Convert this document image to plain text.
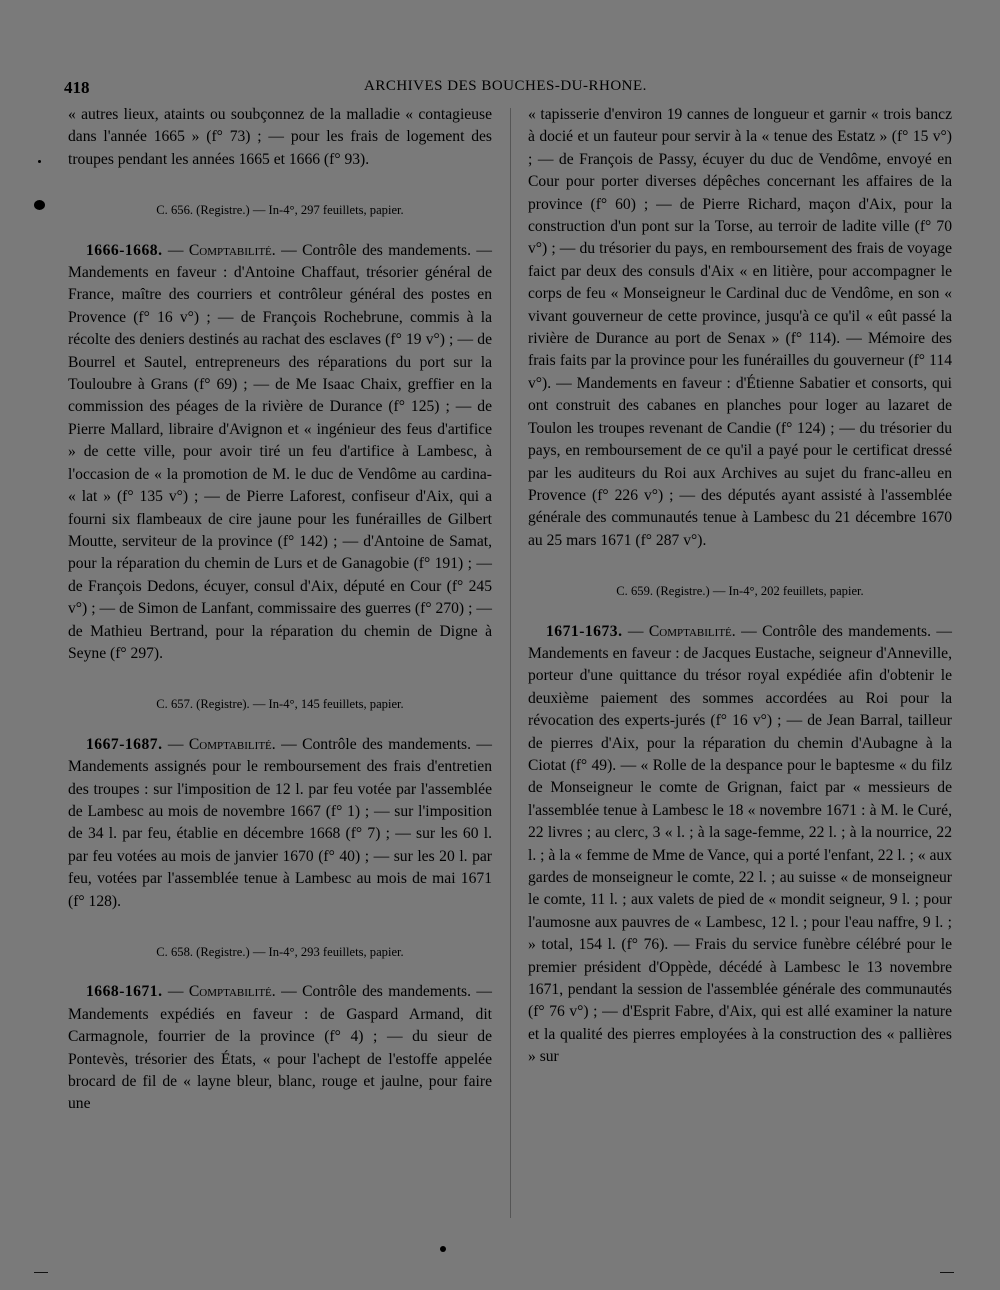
418	ARCHIVES DES BOUCHES-DU-RHONE.

« autres lieux, ataints ou soubçonnez de la malladie « contagieuse dans l'année 1665 » (f° 73) ; — pour les frais de logement des troupes pendant les années 1665 et 1666 (f° 93).

C. 656. (Registre.) — In-4°, 297 feuillets, papier.

1666-1668. — Comptabilité. — Contrôle des mandements. — Mandements en faveur : d'Antoine Chaffaut, trésorier général de France, maître des courriers et contrôleur général des postes en Provence (f° 16 v°) ; — de François Rochebrune, commis à la récolte des deniers destinés au rachat des esclaves (f° 19 v°) ; — de Bourrel et Sautel, entrepreneurs des réparations du port sur la Touloubre à Grans (f° 69) ; — de Me Isaac Chaix, greffier en la commission des péages de la rivière de Durance (f° 125) ; — de Pierre Mallard, libraire d'Avignon et « ingénieur des feus d'artifice » de cette ville, pour avoir tiré un feu d'artifice à Lambesc, à l'occasion de « la promotion de M. le duc de Vendôme au cardina- « lat » (f° 135 v°) ; — de Pierre Laforest, confiseur d'Aix, qui a fourni six flambeaux de cire jaune pour les funérailles de Gilbert Moutte, serviteur de la province (f° 142) ; — d'Antoine de Samat, pour la réparation du chemin de Lurs et de Ganagobie (f° 191) ; — de François Dedons, écuyer, consul d'Aix, député en Cour (f° 245 v°) ; — de Simon de Lanfant, commissaire des guerres (f° 270) ; — de Mathieu Bertrand, pour la réparation du chemin de Digne à Seyne (f° 297).

C. 657. (Registre). — In-4°, 145 feuillets, papier.

1667-1687. — Comptabilité. — Contrôle des mandements. — Mandements assignés pour le remboursement des frais d'entretien des troupes : sur l'imposition de 12 l. par feu votée par l'assemblée de Lambesc au mois de novembre 1667 (f° 1) ; — sur l'imposition de 34 l. par feu, établie en décembre 1668 (f° 7) ; — sur les 60 l. par feu votées au mois de janvier 1670 (f° 40) ; — sur les 20 l. par feu, votées par l'assemblée tenue à Lambesc au mois de mai 1671 (f° 128).

C. 658. (Registre.) — In-4°, 293 feuillets, papier.

1668-1671. — Comptabilité. — Contrôle des mandements. — Mandements expédiés en faveur : de Gaspard Armand, dit Carmagnole, fourrier de la province (f° 4) ; — du sieur de Pontevès, trésorier des États, « pour l'achept de l'estoffe appelée brocard de fil de « layne bleur, blanc, rouge et jaulne, pour faire une

« tapisserie d'environ 19 cannes de longueur et garnir « trois bancz à docié et un fauteur pour servir à la « tenue des Estatz » (f° 15 v°) ; — de François de Passy, écuyer du duc de Vendôme, envoyé en Cour pour porter diverses dépêches concernant les affaires de la province (f° 60) ; — de Pierre Richard, maçon d'Aix, pour la construction d'un pont sur la Torse, au terroir de ladite ville (f° 70 v°) ; — du trésorier du pays, en remboursement des frais de voyage faict par deux des consuls d'Aix « en litière, pour accompagner le corps de feu « Monseigneur le Cardinal duc de Vendôme, en son « vivant gouverneur de cette province, jusqu'à ce qu'il « eût passé la rivière de Durance au port de Senax » (f° 114). — Mémoire des frais faits par la province pour les funérailles du gouverneur (f° 114 v°). — Mandements en faveur : d'Étienne Sabatier et consorts, qui ont construit des cabanes en planches pour loger au lazaret de Toulon les troupes revenant de Candie (f° 124) ; — du trésorier du pays, en remboursement de ce qu'il a payé pour le certificat dressé par les auditeurs du Roi aux Archives au sujet du franc-alleu en Provence (f° 226 v°) ; — des députés ayant assisté à l'assemblée générale des communautés tenue à Lambesc du 21 décembre 1670 au 25 mars 1671 (f° 287 v°).

C. 659. (Registre.) — In-4°, 202 feuillets, papier.

1671-1673. — Comptabilité. — Contrôle des mandements. — Mandements en faveur : de Jacques Eustache, seigneur d'Anneville, porteur d'une quittance du trésor royal expédiée afin d'obtenir le deuxième paiement des sommes accordées au Roi pour la révocation des experts-jurés (f° 16 v°) ; — de Jean Barral, tailleur de pierres d'Aix, pour la réparation du chemin d'Aubagne à la Ciotat (f° 49). — « Rolle de la despance pour le baptesme « du filz de Monseigneur le comte de Grignan, faict par « messieurs de l'assemblée tenue à Lambesc le 18 « novembre 1671 : à M. le Curé, 22 livres ; au clerc, 3 « l. ; à la sage-femme, 22 l. ; à la nourrice, 22 l. ; à la « femme de Mme de Vance, qui a porté l'enfant, 22 l. ; « aux gardes de monseigneur le comte, 22 l. ; au suisse « de monseigneur le comte, 11 l. ; aux valets de pied de « mondit seigneur, 9 l. ; pour l'aumosne aux pauvres de « Lambesc, 12 l. ; pour l'eau naffre, 9 l. ; » total, 154 l. (f° 76). — Frais du service funèbre célébré pour le premier président d'Oppède, décédé à Lambesc le 13 novembre 1671, pendant la session de l'assemblée générale des communautés (f° 76 v°) ; — d'Esprit Fabre, d'Aix, qui est allé examiner la nature et la qualité des pierres employées à la construction des « pallières » sur
